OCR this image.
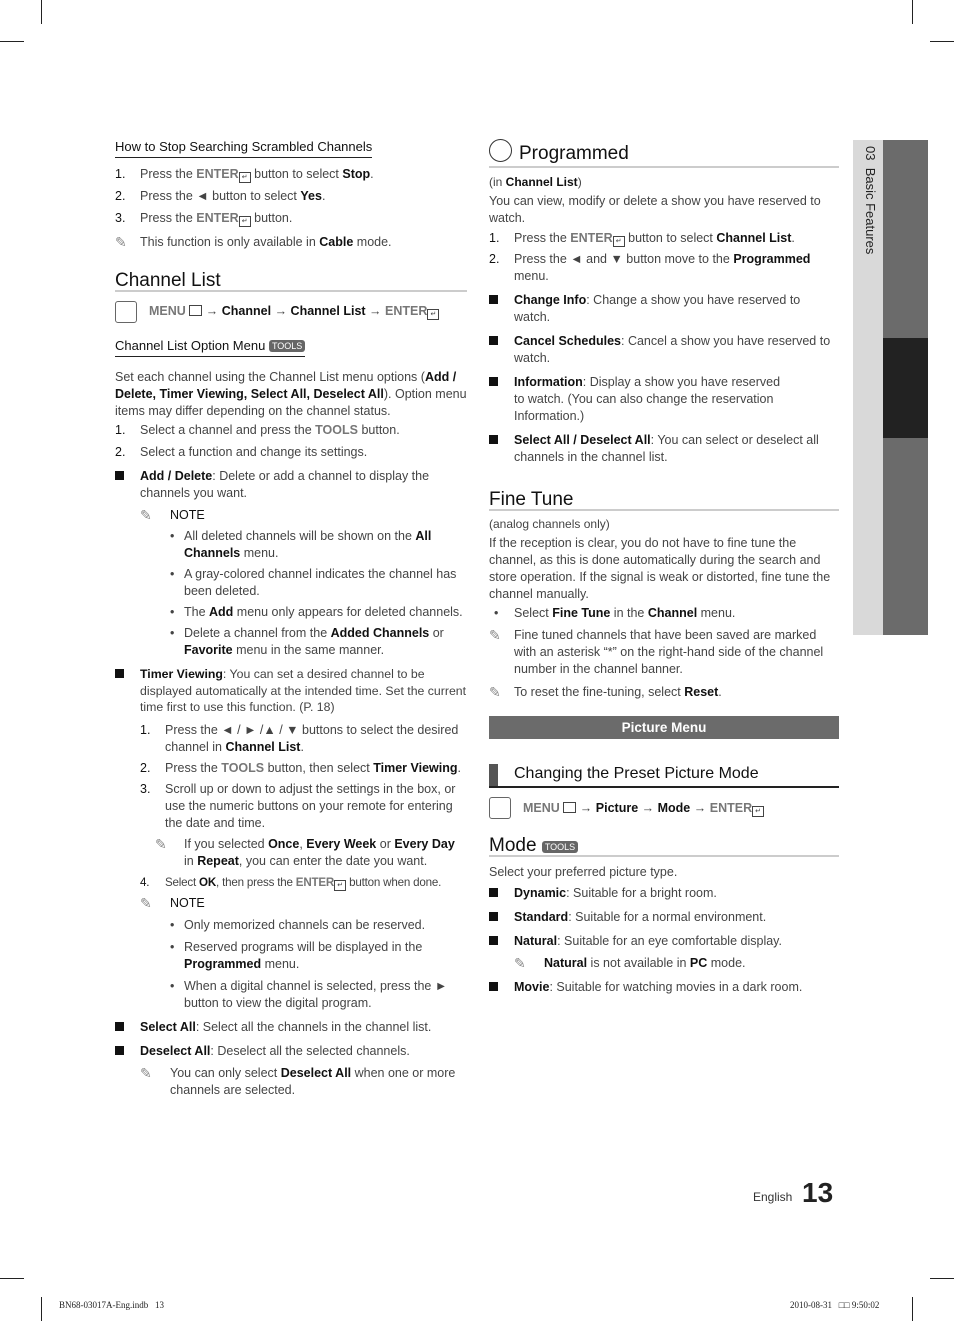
03  Basic Features
How to Stop Searching Scrambled Channels
1. Press the ENTER ↵ button to select Stop.
2. Press the ◄ button to select Yes.
3. Press the ENTER ↵ button.
✎ This function is only available in Cable mode.
Channel List
MENU → Channel → Channel List → ENTER ↵
Channel List Option Menu TOOLS
Set each channel using the Channel List menu options (Add / Delete, Timer Viewing, Select All, Deselect All). Option menu items may differ depending on the channel status.
1. Select a channel and press the TOOLS button.
2. Select a function and change its settings.
Add / Delete: Delete or add a channel to display the channels you want.
✎ NOTE
• All deleted channels will be shown on the All Channels menu.
• A gray-colored channel indicates the channel has been deleted.
• The Add menu only appears for deleted channels.
• Delete a channel from the Added Channels or Favorite menu in the same manner.
Timer Viewing: You can set a desired channel to be displayed automatically at the intended time. Set the current time first to use this function. (P. 18)
1. Press the ◄ / ► /▲ / ▼ buttons to select the desired channel in Channel List.
2. Press the TOOLS button, then select Timer Viewing.
3. Scroll up or down to adjust the settings in the box, or use the numeric buttons on your remote for entering the date and time.
✎ If you selected Once, Every Week or Every Day in Repeat, you can enter the date you want.
4. Select OK, then press the ENTER ↵ button when done.
✎ NOTE
• Only memorized channels can be reserved.
• Reserved programs will be displayed in the Programmed menu.
• When a digital channel is selected, press the ► button to view the digital program.
Select All: Select all the channels in the channel list.
Deselect All: Deselect all the selected channels.
✎ You can only select Deselect All when one or more channels are selected.
Programmed
(in Channel List)
You can view, modify or delete a show you have reserved to watch.
1. Press the ENTER ↵ button to select Channel List.
2. Press the ◄ and ▼ button move to the Programmed menu.
Change Info: Change a show you have reserved to watch.
Cancel Schedules: Cancel a show you have reserved to watch.
Information: Display a show you have reserved to watch. (You can also change the reservation Information.)
Select All / Deselect All: You can select or deselect all channels in the channel list.
Fine Tune
(analog channels only)
If the reception is clear, you do not have to fine tune the channel, as this is done automatically during the search and store operation. If the signal is weak or distorted, fine tune the channel manually.
• Select Fine Tune in the Channel menu.
✎ Fine tuned channels that have been saved are marked with an asterisk “*” on the right-hand side of the channel number in the channel banner.
✎ To reset the fine-tuning, select Reset.
Picture Menu
Changing the Preset Picture Mode
MENU → Picture → Mode → ENTER ↵
Mode TOOLS
Select your preferred picture type.
Dynamic: Suitable for a bright room.
Standard: Suitable for a normal environment.
Natural: Suitable for an eye comfortable display.
✎ Natural is not available in PC mode.
Movie: Suitable for watching movies in a dark room.
English 13
BN68-03017A-Eng.indb   13	2010-08-31   □□ 9:50:02
